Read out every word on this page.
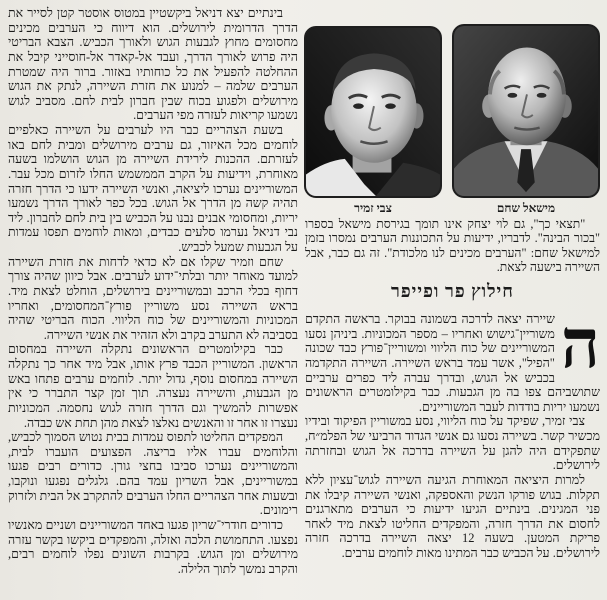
בינתיים יצא דניאל ביקשטיין במטוס אוסטר קטן לסייר את הדרך הדרומית לירושלים. הוא דיווח כי הערבים מכינים מחסומים מחוץ לגבעות הגוש ולאורך הכביש. הצבא הבריטי היה פרוש לאורך הדרך, ועבד אל-קאדר אל-חוסייני קיבל את ההחלטה להפעיל את כל כוחותיו באזור. ברור היה שמטרת הערבים שלמה – למנוע את חזרת השיירה, לנתק את הגוש מירושלים ולפגוע בכוח שבין חברון לבית לחם. מסביב לגוש נשמעו קריאות לעזרה מפי הערבים.

בשעת הצהריים כבר היו לערבים על השיירה כאלפיים לוחמים מכל האיזור, גם ערבים מירושלים ומבית לחם באו לעזרתם. ההכנות לירידת השיירה מן הגוש הושלמו בשעה מאוחרת, וידיעות על הקרב הממשמש החלו לזרום מכל עבר. המשוריינים נערכו ליציאה, ואנשי השיירה ידעו כי הדרך חזרה תהיה קשה מן הדרך אל הגוש. בכל כפר לאורך הדרך נשמעו יריות, ומחסומי אבנים נבנו על הכביש בין בית לחם לחברון. ליד נבי דניאל נערמו סלעים כבדים, ומאות לוחמים תפסו עמדות על הגבעות שמעל לכביש.

שחם וזמיר שקלו אם לא כדאי לדחות את חזרת השיירה למועד מאוחר יותר ובלתי־ידוע לערבים. אבל כיוון שהיה צורך דחוף בכלי הרכב ובמשוריינים בירושלים, הוחלט לצאת מיד. בראש השיירה נסע משוריין פורץ־המחסומים, ואחריו המכוניות והמשוריינים של כוח הליווי. הכוח הבריטי שהיה בסביבה לא התערב בקרב ולא הזהיר את אנשי השיירה.

כבר בקילומטרים הראשונים נתקלה השיירה במחסום הראשון. המשוריין הכבד פרץ אותו, אבל מיד אחר כך נתקלה השיירה במחסום נוסף, גדול יותר. לוחמים ערבים פתחו באש מן הגבעות, והשיירה נעצרה. תוך זמן קצר התברר כי אין אפשרות להמשיך וגם הדרך חזרה לגוש נחסמה. המכוניות נעצרו זו אחר זו והאנשים נאלצו לצאת מהן תחת אש כבדה.

המפקדים החליטו לתפוס עמדות בבית נטוש הסמוך לכביש, והלוחמים עברו אליו בריצה. הפצועים הועברו לבית, והמשוריינים נערכו סביבו בחצי גורן. כדורים רבים פגעו במשוריינים, אבל השריון עמד בהם. גלגלים נפגעו ונוקבו, ובשעות אחר הצהריים החלו הערבים להתקרב אל הבית ולזרוק רימונים.

כדורים חודרי־שריון פגעו באחד המשוריינים ושניים מאנשיו נפצעו. התחמושת הלכה ואזלה, והמפקדים ביקשו בקשר עזרה מירושלים ומן הגוש. בקרבות השונים נפלו לוחמים רבים, והקרב נמשך לתוך הלילה.

מישאל שחם
צבי זמיר

"תצאי כך", גם לוי יצחק אינו תומך בגירסת מישאל בספרו "בכור הבינה". לדבריו, ידיעות על התכוננות הערבים נמסרו בזמן למישאל שחם: "הערבים מכינים לנו מלכודת". זה גם כבר, אבל השיירה בישעה לצאת.

חילוץ פר ופייפר
ה

שיירה יצאה לדרכה בשמונה בבוקר. בראשה התקדם משוריין־גישוש ואחריו – מספר המכוניות. ביניהן נסעו המשוריינים של כוח הליווי ומשוריין־פורץ כבד שכונה "הפיל", אשר עמד בראש השיירה. השיירה התקדמה בכביש אל הגוש, ובדרך עברה ליד כפרים ערביים שתושביהם צפו בה מן הגבעות. כבר בקילומטרים הראשונים נשמעו יריות בודדות לעבר המשוריינים.

צבי זמיר, שפיקד על כוח הליווי, נסע במשוריין הפיקוד ובידיו מכשיר קשר. בשיירה נסעו גם אנשי הגדוד הרביעי של הפלמ״ח, שתפקידם היה להגן על השיירה בדרכה אל הגוש ובחזרתה לירושלים.

למרות היציאה המאוחרת הגיעה השיירה לגוש־עציון ללא תקלות. בגוש פורקו הנשק והאספקה, ואנשי השיירה קיבלו את פני המגינים. בינתיים הגיעו ידיעות כי הערבים מתארגנים לחסום את הדרך חזרה, והמפקדים החליטו לצאת מיד לאחר פריקת המטען. בשעה 12 יצאה השיירה בדרכה חזרה לירושלים. על הכביש כבר המתינו מאות לוחמים ערבים.
